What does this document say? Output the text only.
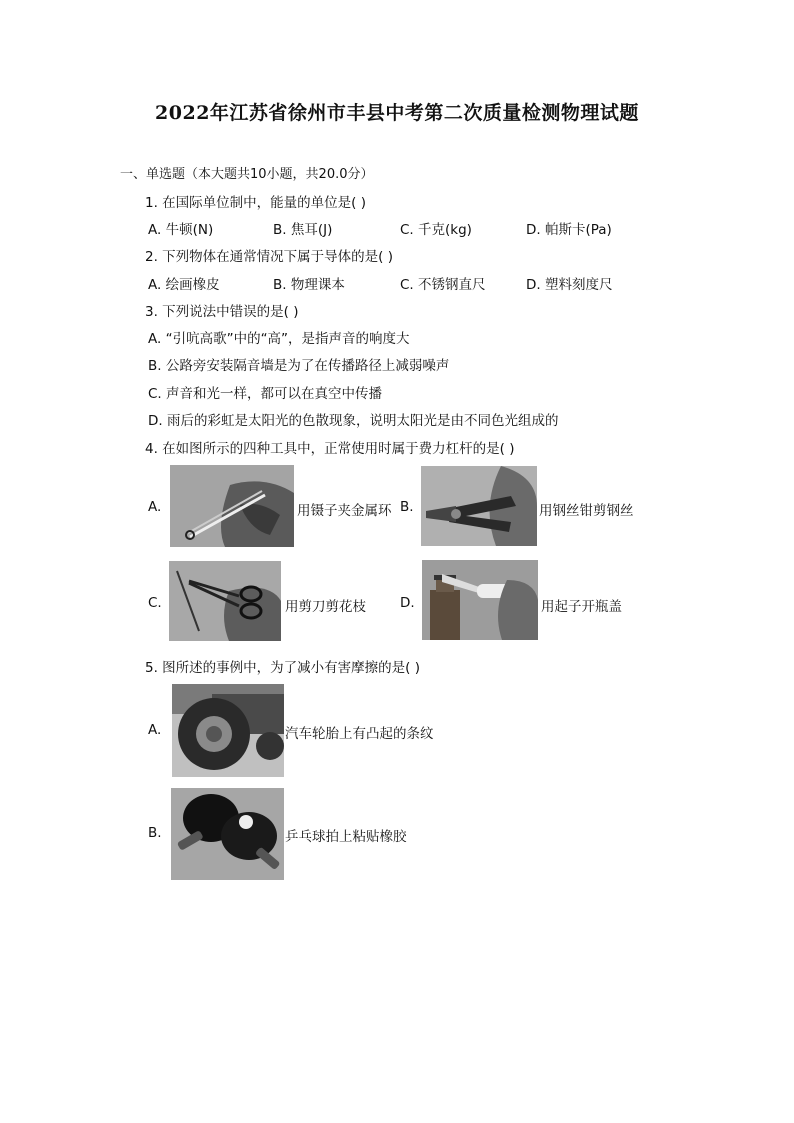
2022年江苏省徐州市丰县中考第二次质量检测物理试题
一、单选题（本大题共10小题，共20.0分）
1. 在国际单位制中，能量的单位是( )
A. 牛顿(N)	B. 焦耳(J)	C. 千克(kg)	D. 帕斯卡(Pa)
2. 下列物体在通常情况下属于导体的是( )
A. 绘画橡皮	B. 物理课本	C. 不锈钢直尺	D. 塑料刻度尺
3. 下列说法中错误的是( )
A. “引吭高歌”中的“高”，是指声音的响度大
B. 公路旁安装隔音墙是为了在传播路径上减弱噪声
C. 声音和光一样，都可以在真空中传播
D. 雨后的彩虹是太阳光的色散现象，说明太阳光是由不同色光组成的
4. 在如图所示的四种工具中，正常使用时属于费力杠杆的是( )
A.	用镊子夹金属环 B.	用钢丝钳剪钢丝
C.	用剪刀剪花枝	D.	用起子开瓶盖
5. 图所述的事例中，为了减小有害摩擦的是( )
A.	汽车轮胎上有凸起的条纹
B.	乒乓球拍上粘贴橡胶
